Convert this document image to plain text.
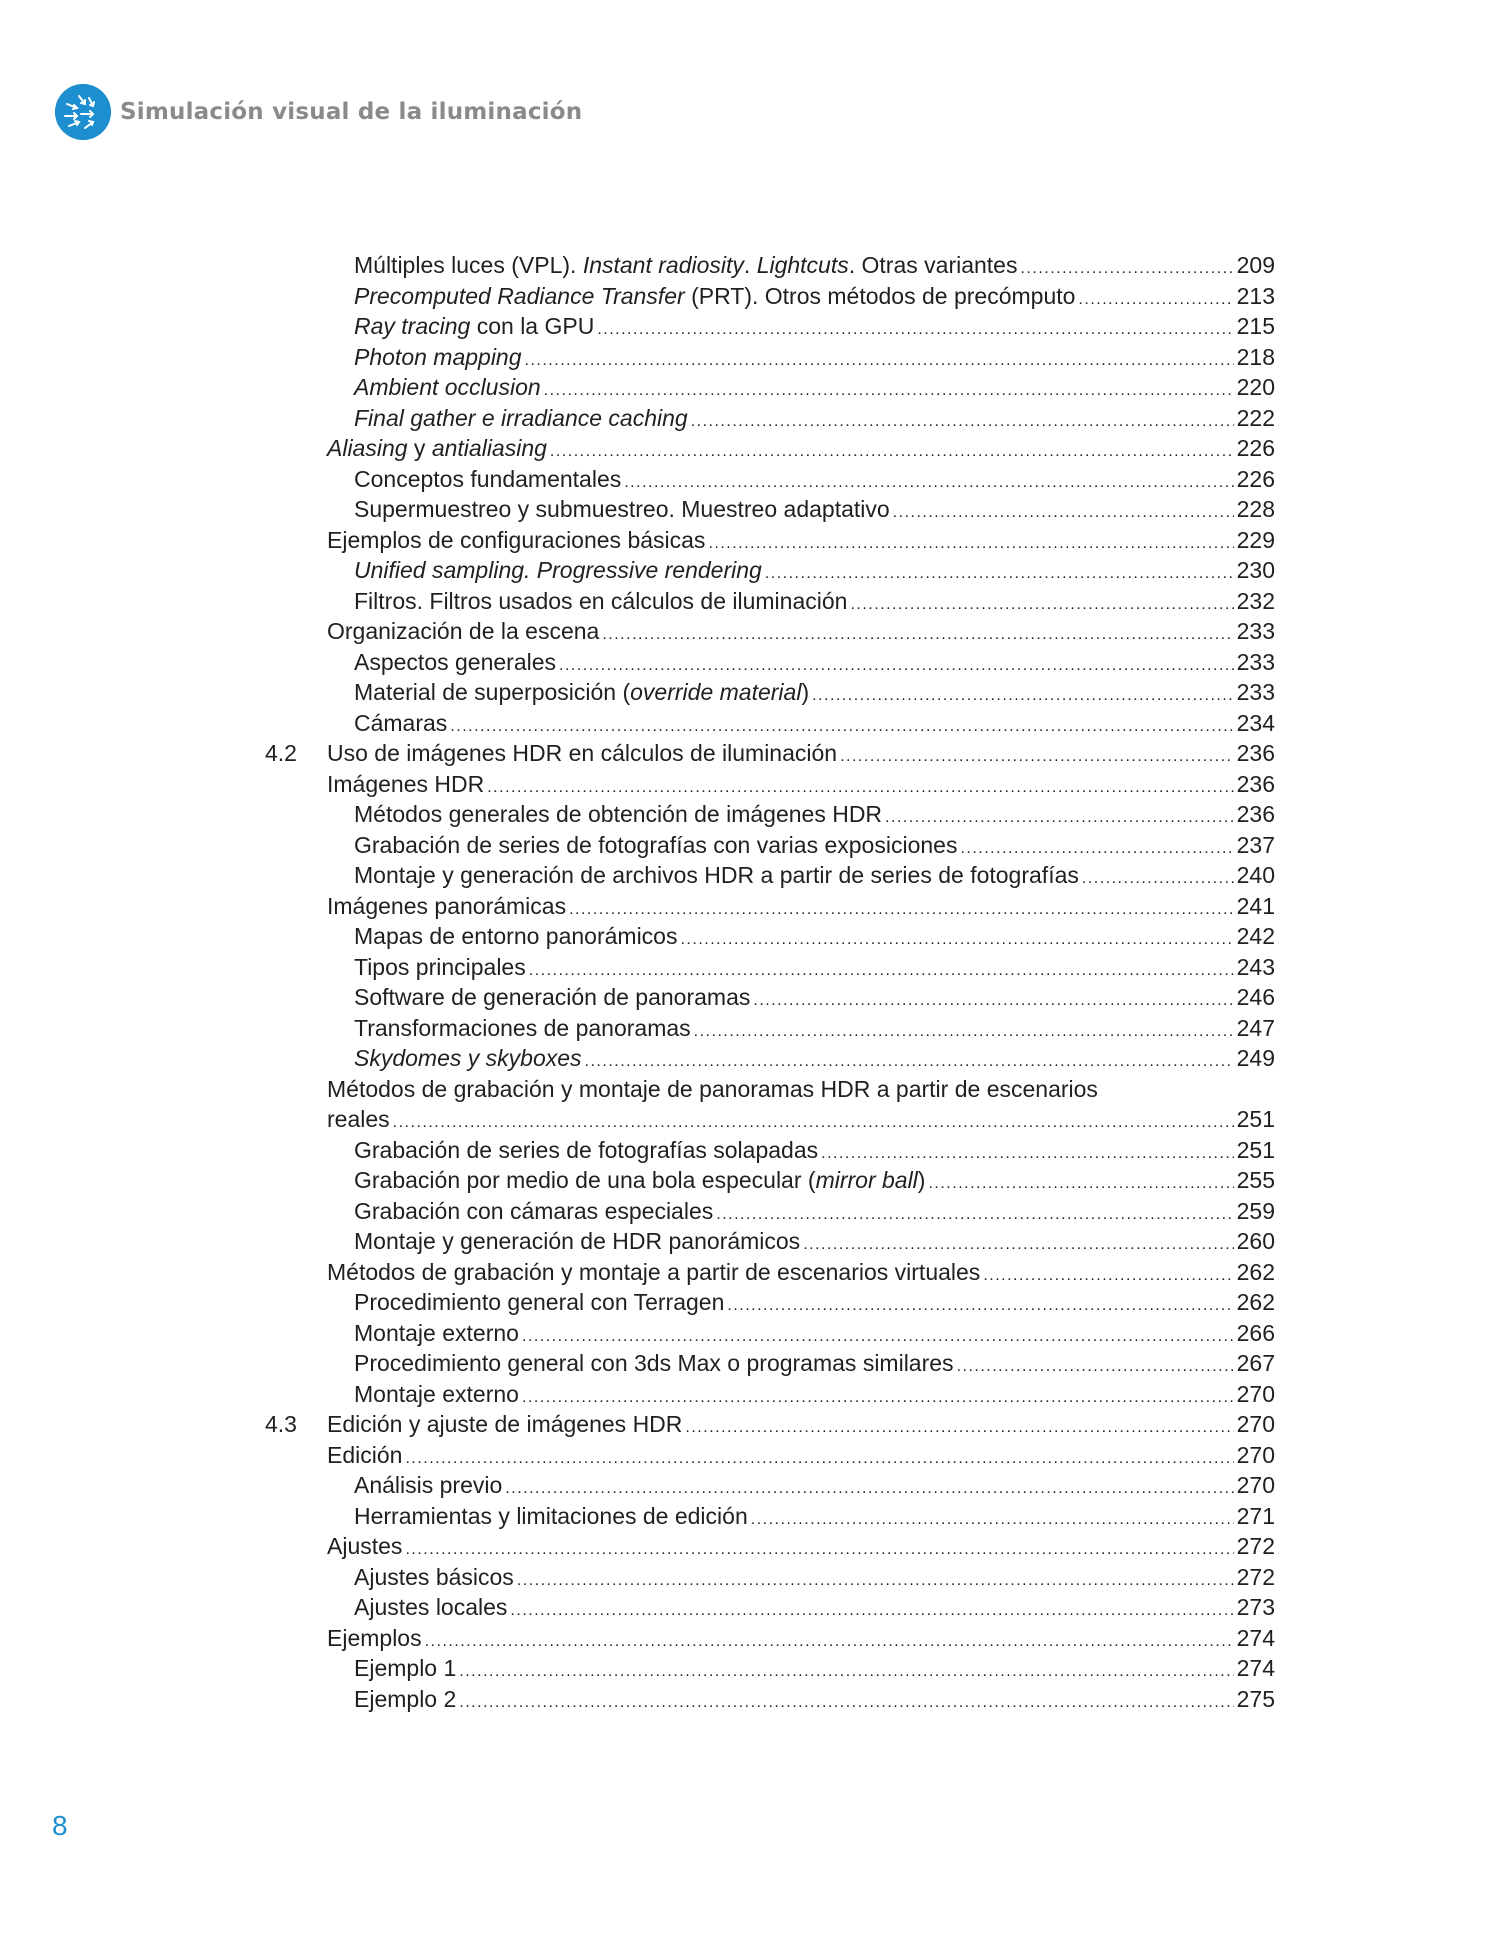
Simulación visual de la iluminación
Múltiples luces (VPL). Instant radiosity. Lightcuts. Otras variantes .....	209
Precomputed Radiance Transfer (PRT). Otros métodos de precómputo .....	213
Ray tracing con la GPU .....	215
Photon mapping .....	218
Ambient occlusion .....	220
Final gather e irradiance caching .....	222
Aliasing y antialiasing .....	226
Conceptos fundamentales .....	226
Supermuestreo y submuestreo. Muestreo adaptativo .....	228
Ejemplos de configuraciones básicas .....	229
Unified sampling. Progressive rendering .....	230
Filtros. Filtros usados en cálculos de iluminación .....	232
Organización de la escena .....	233
Aspectos generales .....	233
Material de superposición (override material) .....	233
Cámaras .....	234
4.2	Uso de imágenes HDR en cálculos de iluminación .....	236
Imágenes HDR .....	236
Métodos generales de obtención de imágenes HDR .....	236
Grabación de series de fotografías con varias exposiciones .....	237
Montaje y generación de archivos HDR a partir de series de fotografías .....	240
Imágenes panorámicas .....	241
Mapas de entorno panorámicos .....	242
Tipos principales .....	243
Software de generación de panoramas .....	246
Transformaciones de panoramas .....	247
Skydomes y skyboxes .....	249
Métodos de grabación y montaje de panoramas HDR a partir de escenarios
reales .....	251
Grabación de series de fotografías solapadas .....	251
Grabación por medio de una bola especular (mirror ball) .....	255
Grabación con cámaras especiales .....	259
Montaje y generación de HDR panorámicos .....	260
Métodos de grabación y montaje a partir de escenarios virtuales .....	262
Procedimiento general con Terragen .....	262
Montaje externo .....	266
Procedimiento general con 3ds Max o programas similares .....	267
Montaje externo .....	270
4.3	Edición y ajuste de imágenes HDR .....	270
Edición .....	270
Análisis previo .....	270
Herramientas y limitaciones de edición .....	271
Ajustes .....	272
Ajustes básicos .....	272
Ajustes locales .....	273
Ejemplos .....	274
Ejemplo 1 .....	274
Ejemplo 2 .....	275
8
